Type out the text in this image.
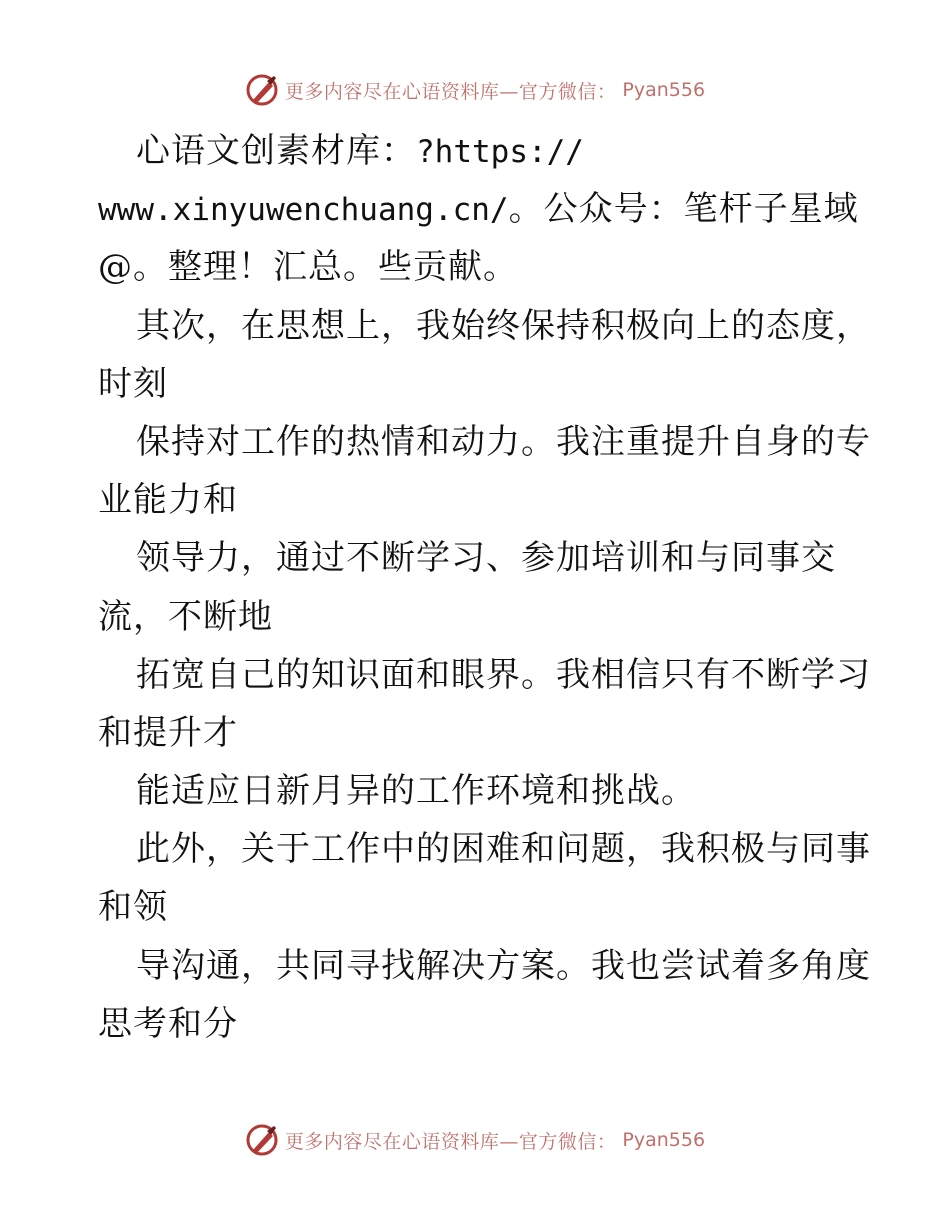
更多内容尽在心语资料库—官方微信： Pyan556
心语文创素材库：?https://
www.xinyuwenchuang.cn/。公众号：笔杆子星域
@。整理！汇总。些贡献。
其次，在思想上，我始终保持积极向上的态度，
时刻
保持对工作的热情和动力。我注重提升自身的专
业能力和
领导力，通过不断学习、参加培训和与同事交
流，不断地
拓宽自己的知识面和眼界。我相信只有不断学习
和提升才
能适应日新月异的工作环境和挑战。
此外，关于工作中的困难和问题，我积极与同事
和领
导沟通，共同寻找解决方案。我也尝试着多角度
思考和分
更多内容尽在心语资料库—官方微信： Pyan556
